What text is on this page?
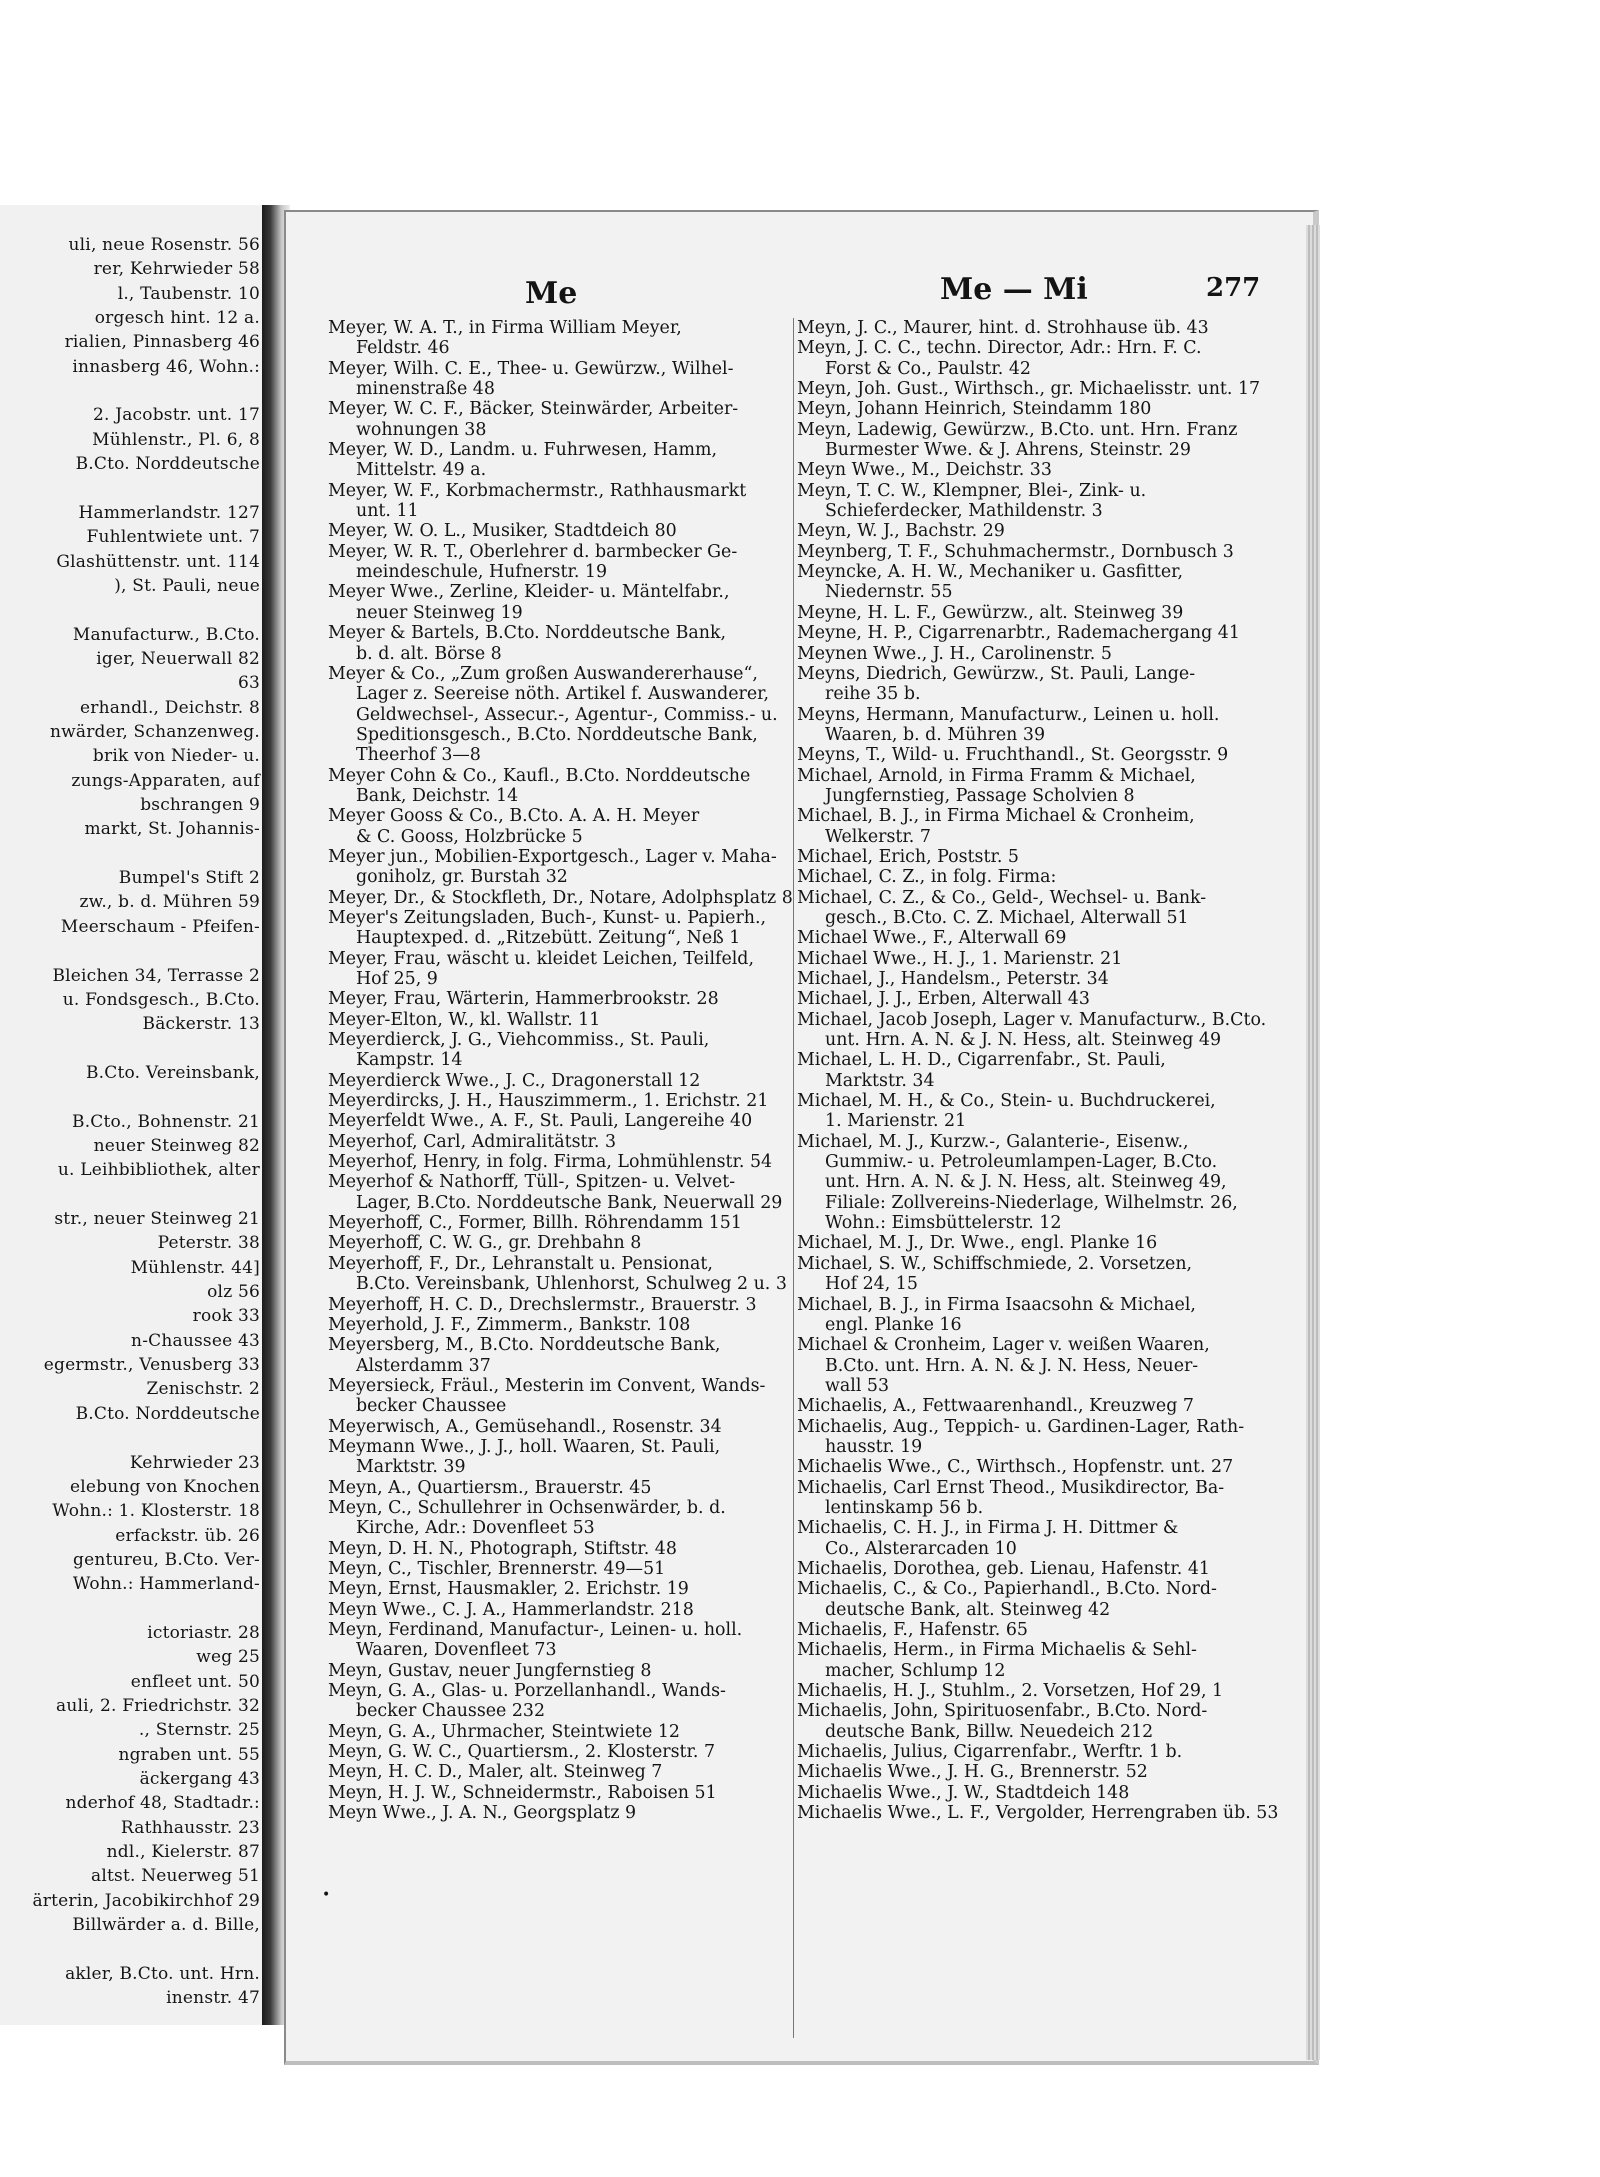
uli, neue Rosenstr. 56
rer, Kehrwieder 58
l., Taubenstr. 10
orgesch hint. 12 a.
rialien, Pinnasberg 46
innasberg 46, Wohn.:
2. Jacobstr. unt. 17
Mühlenstr., Pl. 6, 8
B.Cto. Norddeutsche
Hammerlandstr. 127
Fuhlentwiete unt. 7
Glashüttenstr. unt. 114
), St. Pauli, neue
Manufacturw., B.Cto.
iger, Neuerwall 82
63
erhandl., Deichstr. 8
nwärder, Schanzenweg.
brik von Nieder- u.
zungs-Apparaten, auf
bschrangen 9
markt, St. Johannis-
Bumpel's Stift 2
zw., b. d. Mühren 59
Meerschaum - Pfeifen-
Bleichen 34, Terrasse 2
u. Fondsgesch., B.Cto.
Bäckerstr. 13
B.Cto. Vereinsbank,
B.Cto., Bohnenstr. 21
neuer Steinweg 82
u. Leihbibliothek, alter
str., neuer Steinweg 21
Peterstr. 38
Mühlenstr. 44]
olz 56
rook 33
n-Chaussee 43
egermstr., Venusberg 33
Zenischstr. 2
B.Cto. Norddeutsche
Kehrwieder 23
elebung von Knochen
Wohn.: 1. Klosterstr. 18
erfackstr. üb. 26
gentureu, B.Cto. Ver-
Wohn.: Hammerland-
ictoriastr. 28
weg 25
enfleet unt. 50
auli, 2. Friedrichstr. 32
., Sternstr. 25
ngraben unt. 55
äckergang 43
nderhof 48, Stadtadr.:
Rathhausstr. 23
ndl., Kielerstr. 87
altst. Neuerweg 51
ärterin, Jacobikirchhof 29
Billwärder a. d. Bille,
akler, B.Cto. unt. Hrn.
inenstr. 47
Me	Me — Mi	277
Meyer, W. A. T., in Firma William Meyer,
Feldstr. 46
Meyer, Wilh. C. E., Thee- u. Gewürzw., Wilhel-
minenstraße 48
Meyer, W. C. F., Bäcker, Steinwärder, Arbeiter-
wohnungen 38
Meyer, W. D., Landm. u. Fuhrwesen, Hamm,
Mittelstr. 49 a.
Meyer, W. F., Korbmachermstr., Rathhausmarkt
unt. 11
Meyer, W. O. L., Musiker, Stadtdeich 80
Meyer, W. R. T., Oberlehrer d. barmbecker Ge-
meindeschule, Hufnerstr. 19
Meyer Wwe., Zerline, Kleider- u. Mäntelfabr.,
neuer Steinweg 19
Meyer & Bartels, B.Cto. Norddeutsche Bank,
b. d. alt. Börse 8
Meyer & Co., „Zum großen Auswandererhause“,
Lager z. Seereise nöth. Artikel f. Auswanderer,
Geldwechsel-, Assecur.-, Agentur-, Commiss.- u.
Speditionsgesch., B.Cto. Norddeutsche Bank,
Theerhof 3—8
Meyer Cohn & Co., Kaufl., B.Cto. Norddeutsche
Bank, Deichstr. 14
Meyer Gooss & Co., B.Cto. A. A. H. Meyer
& C. Gooss, Holzbrücke 5
Meyer jun., Mobilien-Exportgesch., Lager v. Maha-
goniholz, gr. Burstah 32
Meyer, Dr., & Stockfleth, Dr., Notare, Adolphsplatz 8
Meyer's Zeitungsladen, Buch-, Kunst- u. Papierh.,
Hauptexped. d. „Ritzebütt. Zeitung“, Neß 1
Meyer, Frau, wäscht u. kleidet Leichen, Teilfeld,
Hof 25, 9
Meyer, Frau, Wärterin, Hammerbrookstr. 28
Meyer-Elton, W., kl. Wallstr. 11
Meyerdierck, J. G., Viehcommiss., St. Pauli,
Kampstr. 14
Meyerdierck Wwe., J. C., Dragonerstall 12
Meyerdircks, J. H., Hauszimmerm., 1. Erichstr. 21
Meyerfeldt Wwe., A. F., St. Pauli, Langereihe 40
Meyerhof, Carl, Admiralitätstr. 3
Meyerhof, Henry, in folg. Firma, Lohmühlenstr. 54
Meyerhof & Nathorff, Tüll-, Spitzen- u. Velvet-
Lager, B.Cto. Norddeutsche Bank, Neuerwall 29
Meyerhoff, C., Former, Billh. Röhrendamm 151
Meyerhoff, C. W. G., gr. Drehbahn 8
Meyerhoff, F., Dr., Lehranstalt u. Pensionat,
B.Cto. Vereinsbank, Uhlenhorst, Schulweg 2 u. 3
Meyerhoff, H. C. D., Drechslermstr., Brauerstr. 3
Meyerhold, J. F., Zimmerm., Bankstr. 108
Meyersberg, M., B.Cto. Norddeutsche Bank,
Alsterdamm 37
Meyersieck, Fräul., Mesterin im Convent, Wands-
becker Chaussee
Meyerwisch, A., Gemüsehandl., Rosenstr. 34
Meymann Wwe., J. J., holl. Waaren, St. Pauli,
Marktstr. 39
Meyn, A., Quartiersm., Brauerstr. 45
Meyn, C., Schullehrer in Ochsenwärder, b. d.
Kirche, Adr.: Dovenfleet 53
Meyn, D. H. N., Photograph, Stiftstr. 48
Meyn, C., Tischler, Brennerstr. 49—51
Meyn, Ernst, Hausmakler, 2. Erichstr. 19
Meyn Wwe., C. J. A., Hammerlandstr. 218
Meyn, Ferdinand, Manufactur-, Leinen- u. holl.
Waaren, Dovenfleet 73
Meyn, Gustav, neuer Jungfernstieg 8
Meyn, G. A., Glas- u. Porzellanhandl., Wands-
becker Chaussee 232
Meyn, G. A., Uhrmacher, Steintwiete 12
Meyn, G. W. C., Quartiersm., 2. Klosterstr. 7
Meyn, H. C. D., Maler, alt. Steinweg 7
Meyn, H. J. W., Schneidermstr., Raboisen 51
Meyn Wwe., J. A. N., Georgsplatz 9
Meyn, J. C., Maurer, hint. d. Strohhause üb. 43
Meyn, J. C. C., techn. Director, Adr.: Hrn. F. C.
Forst & Co., Paulstr. 42
Meyn, Joh. Gust., Wirthsch., gr. Michaelisstr. unt. 17
Meyn, Johann Heinrich, Steindamm 180
Meyn, Ladewig, Gewürzw., B.Cto. unt. Hrn. Franz
Burmester Wwe. & J. Ahrens, Steinstr. 29
Meyn Wwe., M., Deichstr. 33
Meyn, T. C. W., Klempner, Blei-, Zink- u.
Schieferdecker, Mathildenstr. 3
Meyn, W. J., Bachstr. 29
Meynberg, T. F., Schuhmachermstr., Dornbusch 3
Meyncke, A. H. W., Mechaniker u. Gasfitter,
Niedernstr. 55
Meyne, H. L. F., Gewürzw., alt. Steinweg 39
Meyne, H. P., Cigarrenarbtr., Rademachergang 41
Meynen Wwe., J. H., Carolinenstr. 5
Meyns, Diedrich, Gewürzw., St. Pauli, Lange-
reihe 35 b.
Meyns, Hermann, Manufacturw., Leinen u. holl.
Waaren, b. d. Mühren 39
Meyns, T., Wild- u. Fruchthandl., St. Georgsstr. 9
Michael, Arnold, in Firma Framm & Michael,
Jungfernstieg, Passage Scholvien 8
Michael, B. J., in Firma Michael & Cronheim,
Welkerstr. 7
Michael, Erich, Poststr. 5
Michael, C. Z., in folg. Firma:
Michael, C. Z., & Co., Geld-, Wechsel- u. Bank-
gesch., B.Cto. C. Z. Michael, Alterwall 51
Michael Wwe., F., Alterwall 69
Michael Wwe., H. J., 1. Marienstr. 21
Michael, J., Handelsm., Peterstr. 34
Michael, J. J., Erben, Alterwall 43
Michael, Jacob Joseph, Lager v. Manufacturw., B.Cto.
unt. Hrn. A. N. & J. N. Hess, alt. Steinweg 49
Michael, L. H. D., Cigarrenfabr., St. Pauli,
Marktstr. 34
Michael, M. H., & Co., Stein- u. Buchdruckerei,
1. Marienstr. 21
Michael, M. J., Kurzw.-, Galanterie-, Eisenw.,
Gummiw.- u. Petroleumlampen-Lager, B.Cto.
unt. Hrn. A. N. & J. N. Hess, alt. Steinweg 49,
Filiale: Zollvereins-Niederlage, Wilhelmstr. 26,
Wohn.: Eimsbüttelerstr. 12
Michael, M. J., Dr. Wwe., engl. Planke 16
Michael, S. W., Schiffschmiede, 2. Vorsetzen,
Hof 24, 15
Michael, B. J., in Firma Isaacsohn & Michael,
engl. Planke 16
Michael & Cronheim, Lager v. weißen Waaren,
B.Cto. unt. Hrn. A. N. & J. N. Hess, Neuer-
wall 53
Michaelis, A., Fettwaarenhandl., Kreuzweg 7
Michaelis, Aug., Teppich- u. Gardinen-Lager, Rath-
hausstr. 19
Michaelis Wwe., C., Wirthsch., Hopfenstr. unt. 27
Michaelis, Carl Ernst Theod., Musikdirector, Ba-
lentinskamp 56 b.
Michaelis, C. H. J., in Firma J. H. Dittmer &
Co., Alsterarcaden 10
Michaelis, Dorothea, geb. Lienau, Hafenstr. 41
Michaelis, C., & Co., Papierhandl., B.Cto. Nord-
deutsche Bank, alt. Steinweg 42
Michaelis, F., Hafenstr. 65
Michaelis, Herm., in Firma Michaelis & Sehl-
macher, Schlump 12
Michaelis, H. J., Stuhlm., 2. Vorsetzen, Hof 29, 1
Michaelis, John, Spirituosenfabr., B.Cto. Nord-
deutsche Bank, Billw. Neuedeich 212
Michaelis, Julius, Cigarrenfabr., Werftr. 1 b.
Michaelis Wwe., J. H. G., Brennerstr. 52
Michaelis Wwe., J. W., Stadtdeich 148
Michaelis Wwe., L. F., Vergolder, Herrengraben üb. 53
•
